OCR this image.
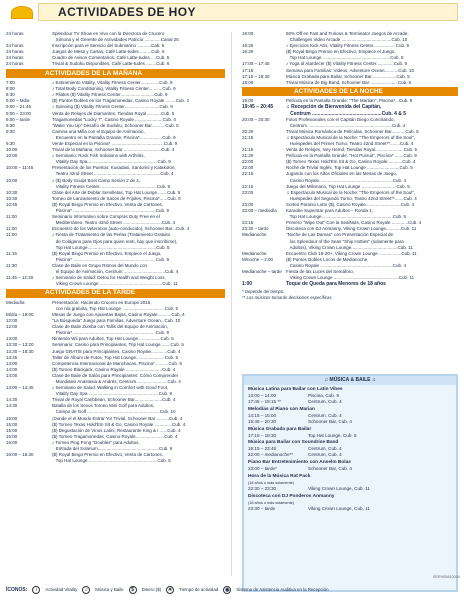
ACTIVIDADES DE HOY
24 horas	Splendour TV Show en Vivo con la Directora de Crucero
Simona y el Gerente de Actividades Patricio .............Canal 26
24 horas	Inscripción para el Servicio del Submarino ...........Cab. 5
24 horas	Juegos de Mesa y Cartas, Café Latte-tudes .........Cub. 6
24 horas	Cuadro de Avisos Comentarios, Café Latte-tudes ....Cub. 5
24 horas	Trivial & Sudoku Disponibles, Café Latte-tudes ........Cub. 6
ACTIVIDADES DE LA MAÑANA
7:00	♪ Estiramiento Vitality, Vitality Fitness Center...............Cub. 9
8:00	♪ Total Body Conditioning, Vitality Fitness Center...........Cub. 9
8:30	♪ Pilates ($) Vitality Fitness Center...........................Cub. 9
9:00 – Mdia	($) Puntos Dobles en los Tragamonedas, Casino Royale ........Cub. 4
9:00 – 21:45	♪ Spinning ($) Vitality Fitness Center............................Cub. 9
9:00 – 23:00	Venta de Relojes de Diamantes, Tiendas Royal ...........Cub. 5
9:00 – tarde	Tragamonedas "Lucky 7", Casino Royale.......................Cub. 4
9:30	"Wake You Up" Desafío de Sudoku, Schooner Bar...........Cub. 5
9:30	Camina una Milla con el Equipo de Animación,
Encuentro en la Pantalla Grande, Piscina*..................Cub. 9
9:30	Vente Especial en la Piscina* ..........................................Cub. 9
10:00	Trivial de la Mañana, Schooner Bar ..............................Cub. 4
10:00	♪ Seminario: Rock Fish Solutions with Arthritis,
Vitality Day Spa........................................................Cub. 9
10:00 – 11:45	Presentación de los Puertos: Kusadasi, Santorini y Katakolon,
Teatro 42nd Street .....................................................Cub. 4
10:00	♪ ($) Body Sculpt Boot Camp Sesión 2 de 4,
Vitality Fitness Center..............................................Cub. 9
10:30	Clase del Arte de Doblar Servilletas, Top Hat Lounge .......Cub. 5
10:30	Torneo de Lanzamiento de Sacos de Frijoles, Piscina*......Cub. 9
10:45	($) Royal Bingo Premio en Efectivo, Venta de Cartones,
Piscina* ..................................................................Cub. 9
11:00	Seminario Informativo sobre Compras Duty Free en el
Mediterráneo, Teatro 42nd Street ...............................Cub. 4
11:00	Encuentro de los Veteranos (auto-conducido), Schooner Bar...Cub. 4
11:00	♪ Fiesta de Tratamiento de las Perlas (Tratamiento Gratuito
de Colágeno para Ojos para quien renti, hay que inscribirse),
Top Hat Lounge.......................................................Cub. 5
11:15	($) Royal Bingo Premio en Efectivo, Empiece el Juego,
Piscina* ..................................................................Cub. 9
11:30	Clase de Baile en Grupo Ritmos del Mundo con
el Equipo de Animación, Centrum .................................Cub. 4
11:45 – 12:30	♪ Seminario de Salud: Detox for Health and Weight Loss,
Viking Crown Lounge ..................................................Cub. 11
ACTIVIDADES DE LA TARDE
Mediodía	Presentación: Haciendo Crucero en Europe 2016,
con nía gratuita, Top Hat Lounge ..................................Cub. 5
M/día – 19:00	Mesas de Juego con Apuestas Bajas, Casino Royale...........Cub. 4
12:00	"La Búsqueda" Juego para Familias, Adventure Ocean...Cub. 10
12:00	Clase de Baile Zumba con Tallis del Equipo de Animación,
Piscina* ..................................................................Cub. 9
13:00	Nintendo Wii para Adultos, Top Hat Lounge .................Cub. 5
13:30 – 13:20	Seminario: Casino para Principiantes, Trip Hat Lounge........Cub. 5
13:30 – 18:30	Juego GRATIS para Principiantes, Casino Royale.............Cub. 4
13:45	Taller de Álbum de Fotos, Top Hat Lounge.......................Cub. 5
14:00	Competencia Internacional de Manchacas, Piscina* ..........Cub. 9
14:00	($) Torneo Blackjack, Casino Royale .............................Cub. 4
14:00	Clase de Baile de Salón para Principiantes: Cómo Comprender
Mundiales Anastasia & Andrés, Centrum.........................Cub. 4
14:00 – 14:45	♪ Seminario de Salud: Walking in Comfort with Good Foot,
Vitality Day Spa.........................................................Cub. 9
14:30	Trivial de Royal Caribbean, Schooner Bar......................Cub. 4
14:30	Batalla de los Sexos Torneo Mini Golf para Adultos,
Campo de Golf ..........................................................Cub. 10
15:00	¡Donde el el Mundo Entrar Yo! Trivial, Schooner Bar ..........Cub. 4
15:00	($) Torneo Texas Hold'Em Sit & Go, Casino Royale ..............Cub. 4
15:00	($) Degustación de Vinos Latini, Restaurante King & I ......Cub. 4
15:00	($) Torneo Tragamonedas, Casino Royale.......................Cub. 4
16:00	♪ Torneo Ping Pong "Doubles" para Adultos,
Entrada del Solarium.................................................Cub. 9
16:00 – 16:30	($) Royal Bingo Premio en Efectivo, Venta de Cartones,
Top Hat Lounge .......................................................Cub. 5
16:00	50% Off en Fast and Furious & Terminator Juegos de Arcade,
Challenges Video Arcade ........................................Cub. 10
16:30	♪ Ejercicios Kick Abs, Vitality Fitness Center..................Cub. 9
16:30	($) Royal Bingo Premio en Efectivo, Empiece el Juego,
Top Hat Lounge ......................................................Cub. 5
17:00 – 17:45	♪ Yoga al Atardecer ($) Vitality Fitness Center..............Cub. 9
17:15	Semana para Familias: Videos, Adventure Ocean...........Cub. 10
17:15 – 18:30	Música Grabada para Bailar, Schooner Bar....................Cub. 5
18:00	Trivial Música de Big Band, Schooner Bar ......................Cub. 5
ACTIVIDADES DE LA NOCHE
19:00	Película en la Pantalla Grande: "The Martian", Piscina*...Cub. 9
19:45 – 20:45	♫ Recepción de Bienvenida del Capitán,
Centrum ..................................................Cub. 4 & 5
20:00 – 20:30	Fotos Profesionales con el Capitán Diego Conciliando,
Centrum ...................................................................Cub. 4
20:30	Trivial Música Romántica de Películas, Schooner Bar...........Cub. 5
21:15	♫ Espectáculo Musical de la Noche: "The Emperors of the Soul",
Huéspedes del Primer Turno, Teatro 42nd Street**........Cub. 4
21:15	Venta de Relojes, Ivey Hemd, Tiendas Royal.......................Cub. 5
21:30	Película en la Pantalla Grande: "Hot Pursuit", Piscina* .......Cub. 9
22:00	($) Torneo Texas Hold'Em Sit & Go, Casino Royale............Cub. 4
22:00	Noche de Trivial Inglés, Top Hat Lounge ..........................Cub. 5
22:15	Jugando con los Altos Oficiales en las Mesas de Juego,
Casino Royale...........................................................Cub. 4
22:15	Juego del Millonario, Top Hat Lounge ............................Cub. 5
23:00	♫ Espectáculo Musical de la Noche: "The Emperors of the Soul",
Huéspedes del Segundo Turno, Teatro 42nd Street**.......Cub. 4
23:00	Sorteo Paraíso Lotto ($), Casino Royale............................Cub. 4
23:00 – mediodía	Karaoke Superstar para Adultos – Ronda 1,
Top Hat Lounge.........................................................Cub. 5
23:15	Primero "Wipe Out" Con la SealNuts, Casino Royale .............Cub. 4
23:30 – tardo	Discoteca con DJ Anmanny, Viking Crown Lounge............Cub. 11
Medianoche	"Noche de Las Damas" con Presentación Especial de
los Splendour of the Seas "Ship Hotties" (solamente para
Adultos), Viking Crown Lounge.....................................Cub. 11
Medianoche	Encuentro Club 18-20+, Viking Crown Lounge ..................Cub. 11
M/noche – 2:00	($) Puntos Dobles Locos de Medianoche,
Casino Royale ..........................................................Cub. 4
Medianoche – tarde Fiesta de las Luces del Semáforo,
Viking Crown Lounge ....................................................Cub. 11
1:00	Toque de Queda para Menores de 18 años
* Depende del tiempo.
** Los músicos tomarán decisiones específicas.
♫ MÚSICA & BAILE ♫
Música Latina para Bailar con Latin Vibes
13:00 – 14:00	Piscina, Cub. 9
17:45 – 19:15 **	Centrum, Cub. 4
Melodías al Piano con Marian
14:15 – 15:00	Centrum, Cub. 4
19:45 – 20:30	Schooner Bar, Cub. 4
Música Grabada para Bailar
17:15 – 18:30	Top Hat Lounge, Cub. 5
Música para Bailar con Soundrise Band
19:15 – 23:45	Centrum, Cub. 4
22:00 – medianoche**	Centrum, Cub. 4
Piano Bar Entretenimiento con Anselm Bolas
22:00 – tarde*	Schooner Bar, Cub. 4
Hora de la Música Rat Pack
(18 años o más solamente)
22:30 – 23:30	Viking Crown Lounge, Cub. 11
Discoteca con DJ Ponderos Anmanny
(18 años o más solamente)
23:30 – tarde	Viking Crown Lounge, Cub. 11
ÍCONOS:	♪	Actividad Vitality	♫	Música y Baile	$	Dinero ($)	☀	Tiempo de actividad	◉	Sistema de Asistencia Auditiva en la Recepción
SERV05810000
